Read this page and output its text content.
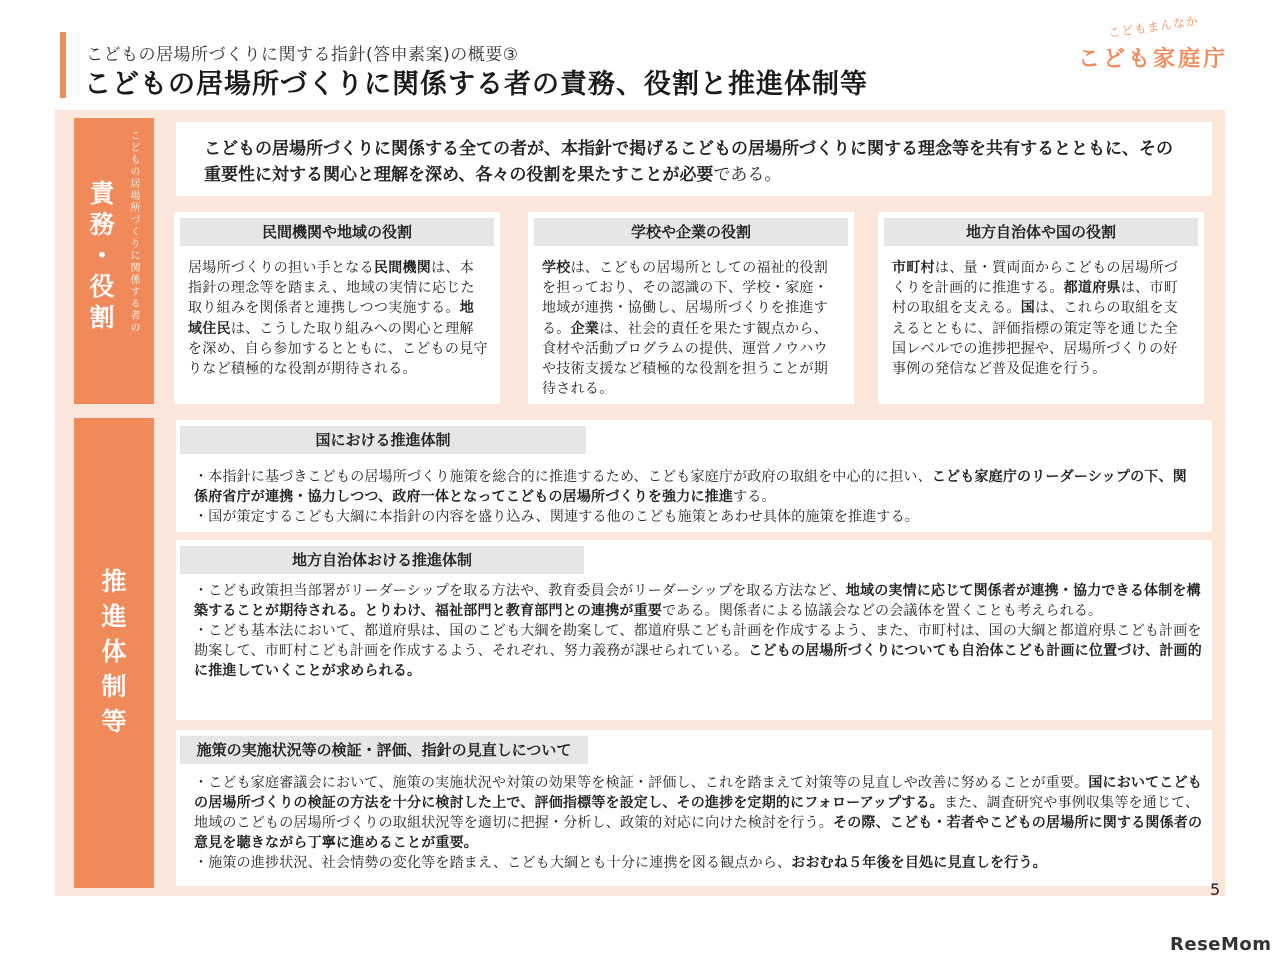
こどもの居場所づくりに関する指針(答申素案)の概要③
こどもの居場所づくりに関係する者の責務、役割と推進体制等
こどもまんなか
こども家庭庁
こどもの居場所づくりに関係する者の
責務・役割
推進体制等
こどもの居場所づくりに関係する全ての者が、本指針で掲げるこどもの居場所づくりに関する理念等を共有するとともに、その重要性に対する関心と理解を深め、各々の役割を果たすことが必要である。
民間機関や地域の役割
居場所づくりの担い手となる民間機関は、本指針の理念等を踏まえ、地域の実情に応じた取り組みを関係者と連携しつつ実施する。地域住民は、こうした取り組みへの関心と理解を深め、自ら参加するとともに、こどもの見守りなど積極的な役割が期待される。
学校や企業の役割
学校は、こどもの居場所としての福祉的役割を担っており、その認識の下、学校・家庭・地域が連携・協働し、居場所づくりを推進する。企業は、社会的責任を果たす観点から、食材や活動プログラムの提供、運営ノウハウや技術支援など積極的な役割を担うことが期待される。
地方自治体や国の役割
市町村は、量・質両面からこどもの居場所づくりを計画的に推進する。都道府県は、市町村の取組を支える。国は、これらの取組を支えるとともに、評価指標の策定等を通じた全国レベルでの進捗把握や、居場所づくりの好事例の発信など普及促進を行う。
国における推進体制

・本指針に基づきこどもの居場所づくり施策を総合的に推進するため、こども家庭庁が政府の取組を中心的に担い、こども家庭庁のリーダーシップの下、関係府省庁が連携・協力しつつ、政府一体となってこどもの居場所づくりを強力に推進する。

・国が策定するこども大綱に本指針の内容を盛り込み、関連する他のこども施策とあわせ具体的施策を推進する。

地方自治体おける推進体制

・こども政策担当部署がリーダーシップを取る方法や、教育委員会がリーダーシップを取る方法など、地域の実情に応じて関係者が連携・協力できる体制を構築することが期待される。とりわけ、福祉部門と教育部門との連携が重要である。関係者による協議会などの会議体を置くことも考えられる。

・こども基本法において、都道府県は、国のこども大綱を勘案して、都道府県こども計画を作成するよう、また、市町村は、国の大綱と都道府県こども計画を勘案して、市町村こども計画を作成するよう、それぞれ、努力義務が課せられている。こどもの居場所づくりについても自治体こども計画に位置づけ、計画的に推進していくことが求められる。

施策の実施状況等の検証・評価、指針の見直しについて

・こども家庭審議会において、施策の実施状況や対策の効果等を検証・評価し、これを踏まえて対策等の見直しや改善に努めることが重要。国においてこどもの居場所づくりの検証の方法を十分に検討した上で、評価指標等を設定し、その進捗を定期的にフォローアップする。また、調査研究や事例収集等を通じて、地域のこどもの居場所づくりの取組状況等を適切に把握・分析し、政策的対応に向けた検討を行う。その際、こども・若者やこどもの居場所に関する関係者の意見を聴きながら丁寧に進めることが重要。

・施策の進捗状況、社会情勢の変化等を踏まえ、こども大綱とも十分に連携を図る観点から、おおむね５年後を目処に見直しを行う。

5
ReseMom
